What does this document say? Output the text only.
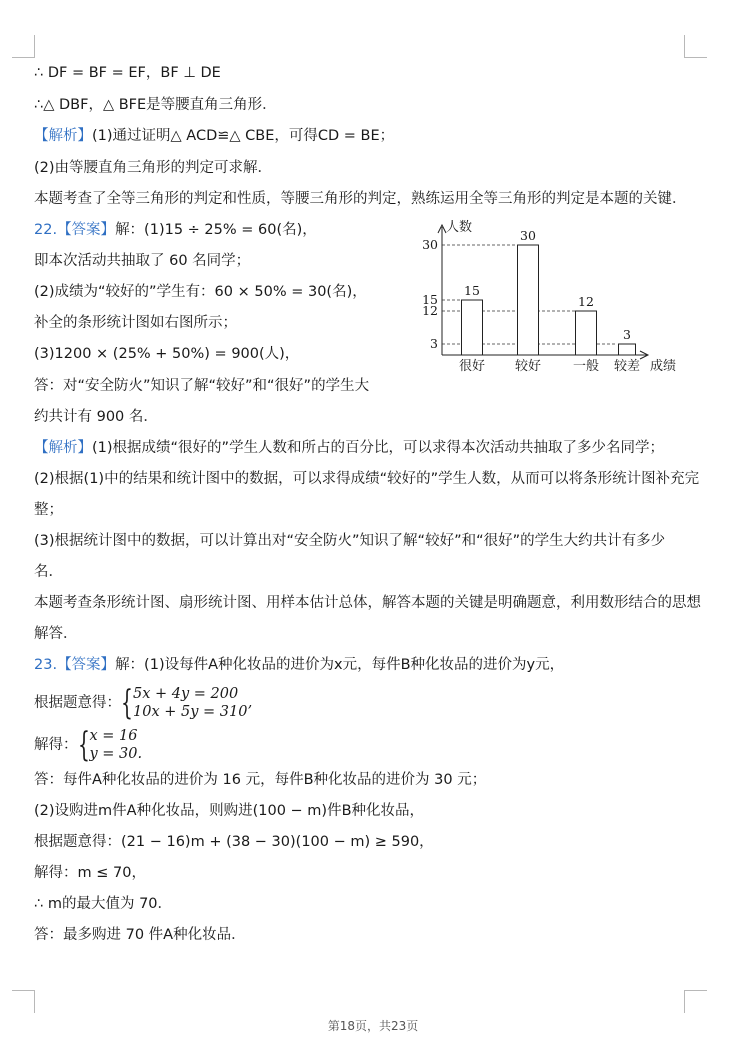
∴ DF = BF = EF，BF ⊥ DE
∴△ DBF，△ BFE是等腰直角三角形．
【解析】(1)通过证明△ ACD≌△ CBE，可得CD = BE；
(2)由等腰直角三角形的判定可求解．
本题考查了全等三角形的判定和性质，等腰三角形的判定，熟练运用全等三角形的判定是本题的关键．
22.【答案】解：(1)15 ÷ 25% = 60(名)，
即本次活动共抽取了 60 名同学；
(2)成绩为“较好的”学生有：60 × 50% = 30(名)，
补全的条形统计图如右图所示；
(3)1200 × (25% + 50%) = 900(人)，
答：对“安全防火”知识了解“较好”和“很好”的学生大
约共计有 900 名．
人数
成绩
3
12
15
30
15
很好
30
较好
12
一般
3
较差
【解析】(1)根据成绩“很好的”学生人数和所占的百分比，可以求得本次活动共抽取了多少名同学；
(2)根据(1)中的结果和统计图中的数据，可以求得成绩“较好的”学生人数，从而可以将条形统计图补充完
整；
(3)根据统计图中的数据，可以计算出对“安全防火”知识了解“较好”和“很好”的学生大约共计有多少
名．
本题考查条形统计图、扇形统计图、用样本估计总体，解答本题的关键是明确题意，利用数形结合的思想
解答．
23.【答案】解：(1)设每件A种化妆品的进价为x元，每件B种化妆品的进价为y元，
根据题意得：{ 5x + 4y = 200
10x + 5y = 310’
解得：{ x = 16
y = 30.
答：每件A种化妆品的进价为 16 元，每件B种化妆品的进价为 30 元；
(2)设购进m件A种化妆品，则购进(100 − m)件B种化妆品，
根据题意得：(21 − 16)m + (38 − 30)(100 − m) ≥ 590，
解得：m ≤ 70，
∴ m的最大值为 70．
答：最多购进 70 件A种化妆品．
第18页，共23页
